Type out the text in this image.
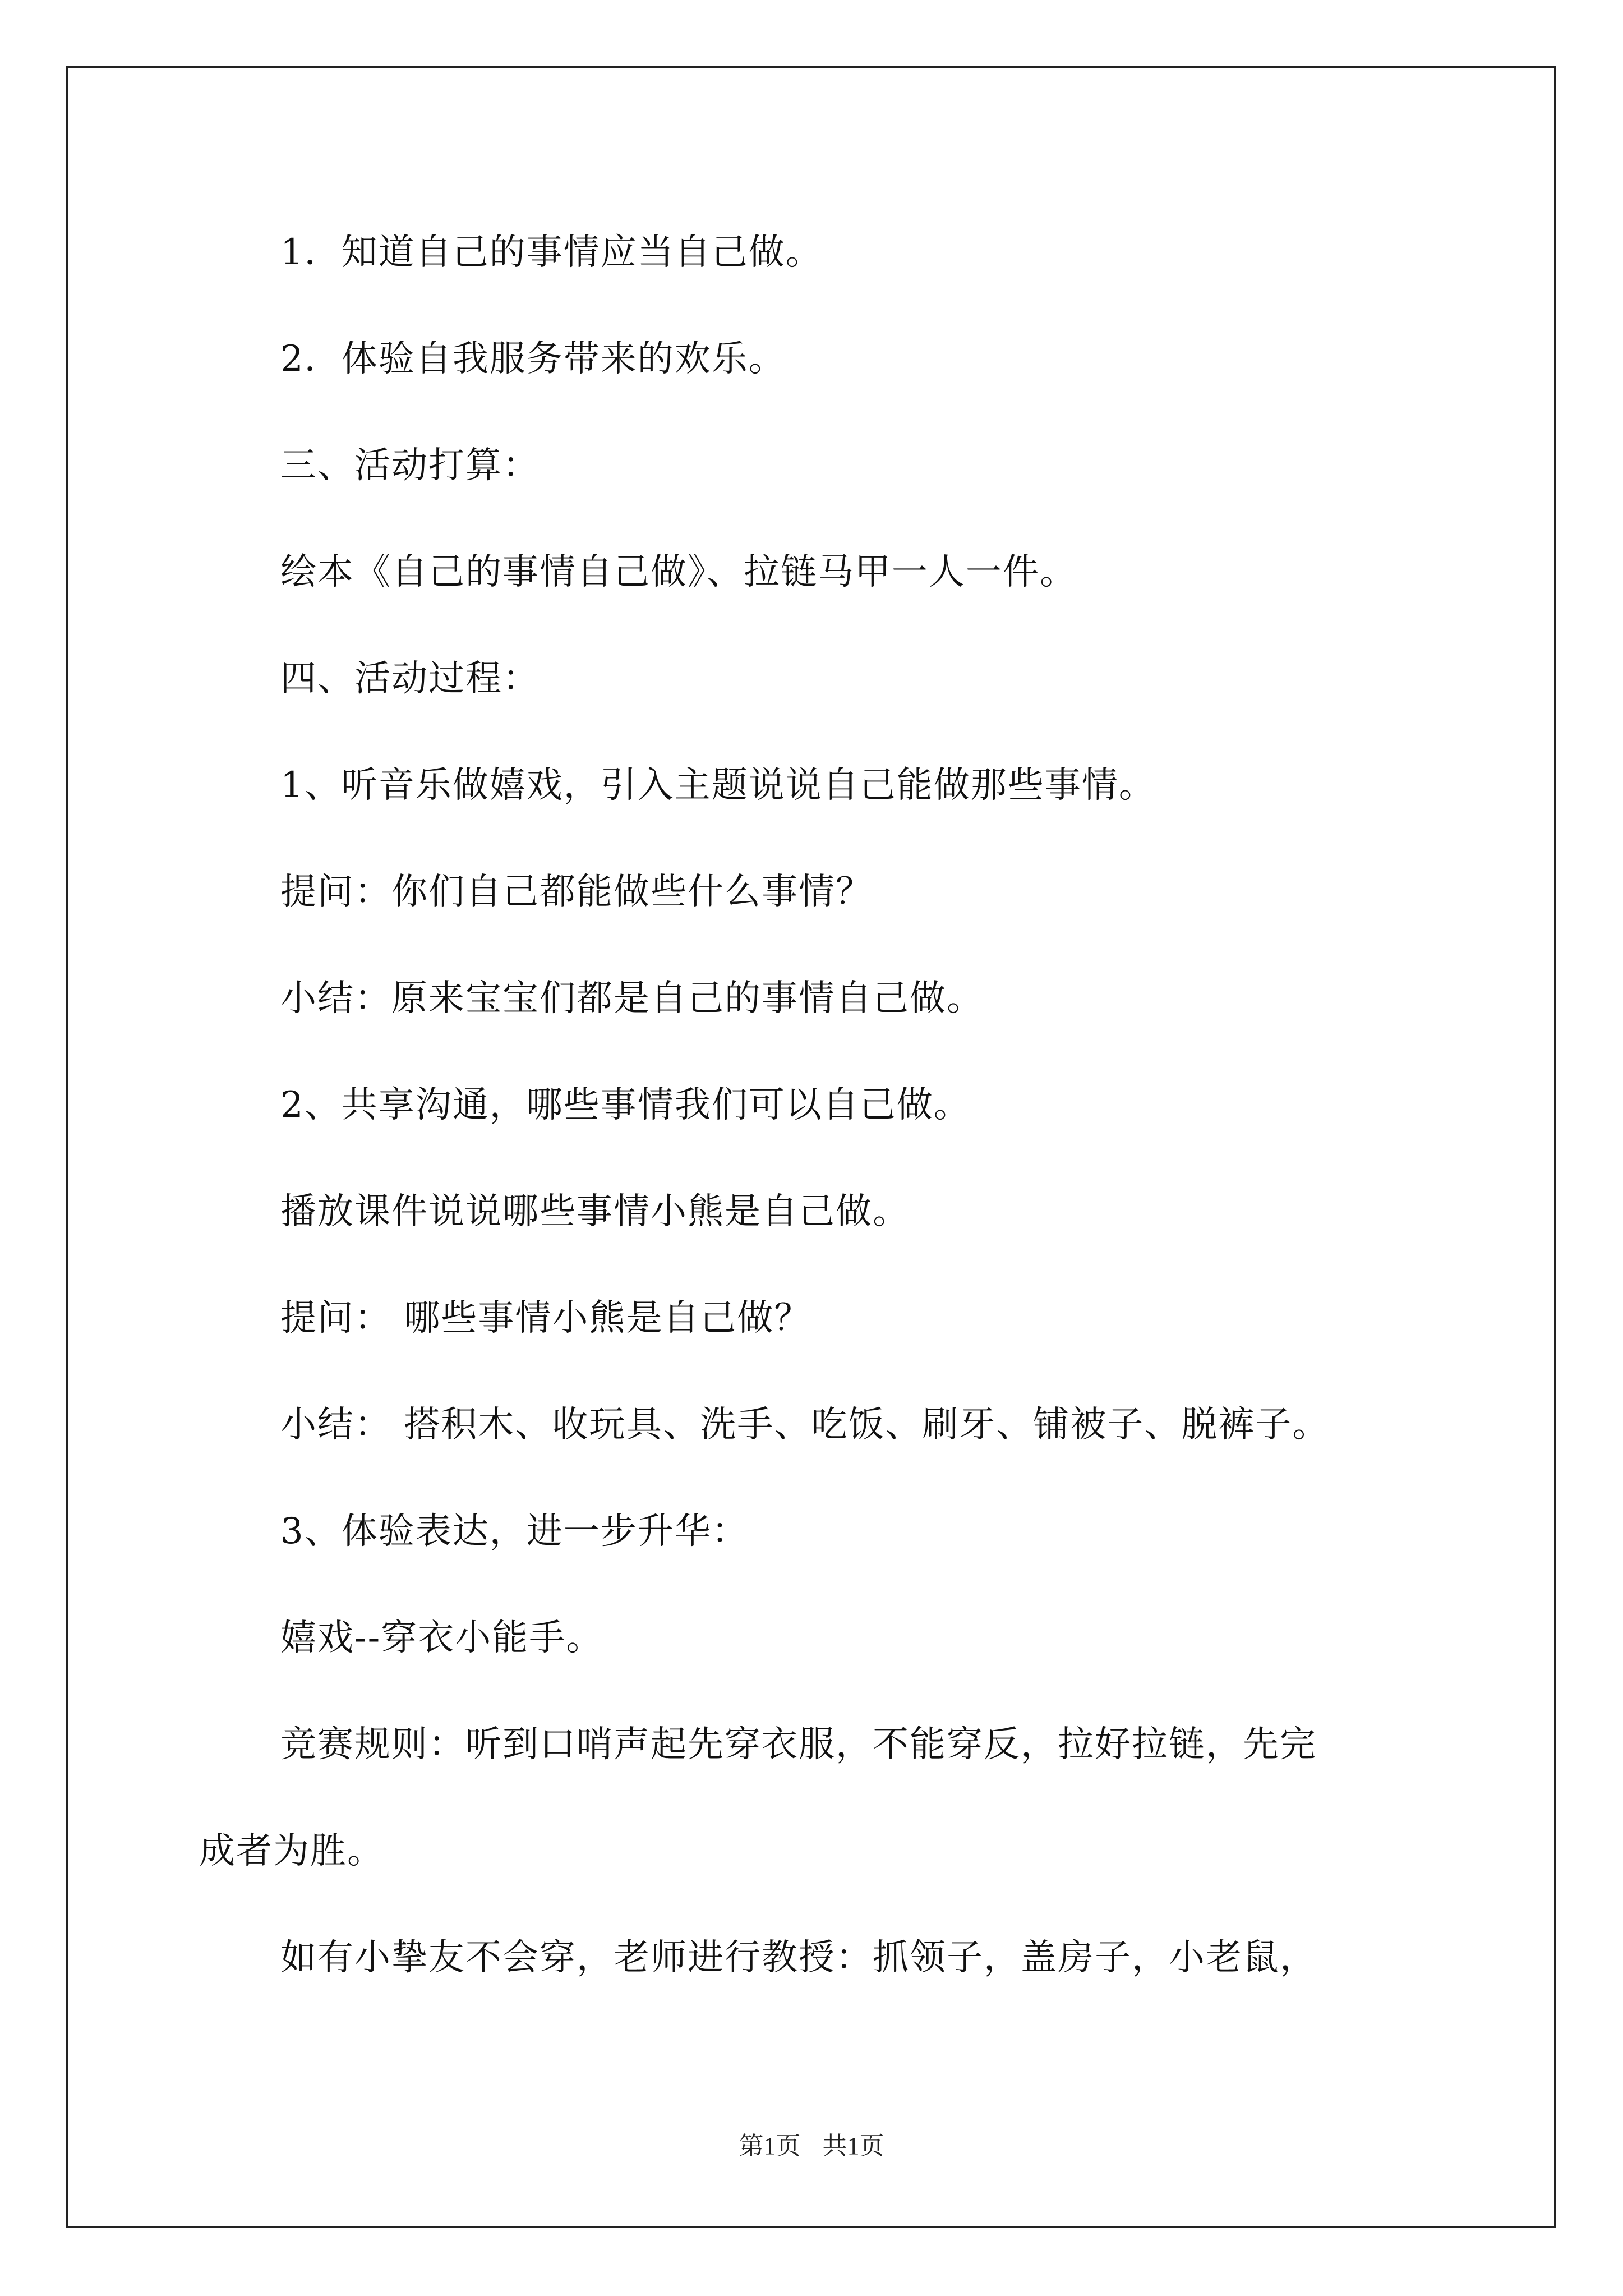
1．知道自己的事情应当自己做。
2．体验自我服务带来的欢乐。
三、活动打算：
绘本《自己的事情自己做》、拉链马甲一人一件。
四、活动过程：
1、听音乐做嬉戏，引入主题说说自己能做那些事情。
提问：你们自己都能做些什么事情？
小结：原来宝宝们都是自己的事情自己做。
2、共享沟通，哪些事情我们可以自己做。
播放课件说说哪些事情小熊是自己做。
提问： 哪些事情小熊是自己做？
小结： 搭积木、收玩具、洗手、吃饭、刷牙、铺被子、脱裤子。
3、体验表达，进一步升华：
嬉戏--穿衣小能手。
竞赛规则：听到口哨声起先穿衣服，不能穿反，拉好拉链，先完
成者为胜。
如有小挚友不会穿，老师进行教授：抓领子，盖房子，小老鼠，
第1页 共1页
